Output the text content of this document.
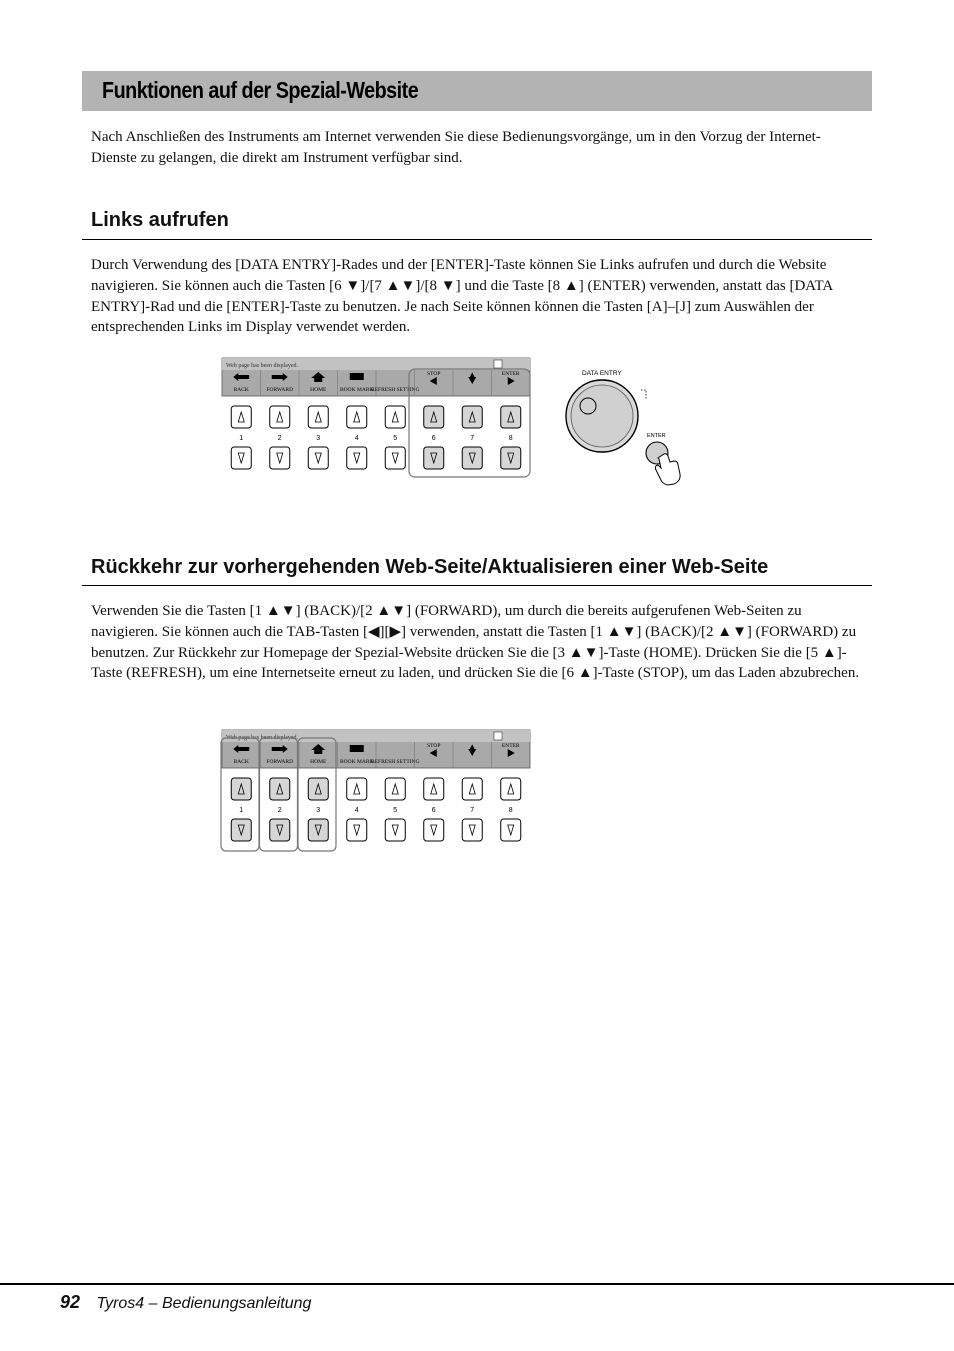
Funktionen auf der Spezial-Website

Nach Anschließen des Instruments am Internet verwenden Sie diese Bedienungsvorgänge, um in den Vorzug der Internet-Dienste zu gelangen, die direkt am Instrument verfügbar sind.

Links aufrufen

Durch Verwendung des [DATA ENTRY]-Rades und der [ENTER]-Taste können Sie Links aufrufen und durch die Website navigieren. Sie können auch die Tasten [6 ▼]/[7 ▲▼]/[8 ▼] und die Taste [8 ▲] (ENTER) verwenden, anstatt das [DATA ENTRY]-Rad und die [ENTER]-Taste zu benutzen. Je nach Seite können können die Tasten [A]–[J] zum Auswählen der entsprechenden Links im Display verwendet werden.

Web page has been displayed.
BACK	FORWARD	HOME BOOK MARK
REFRESH SETTING
STOP	▲	ENTER
1	2	3	4	5	6	7	8
DATA ENTRY
ENTER
Rückkehr zur vorhergehenden Web-Seite/Aktualisieren einer Web-Seite

Verwenden Sie die Tasten [1 ▲▼] (BACK)/[2 ▲▼] (FORWARD), um durch die bereits aufgerufenen Web-Seiten zu navigieren. Sie können auch die TAB-Tasten [◀][▶] verwenden, anstatt die Tasten [1 ▲▼] (BACK)/[2 ▲▼] (FORWARD) zu benutzen. Zur Rückkehr zur Homepage der Spezial-Website drücken Sie die [3 ▲▼]-Taste (HOME). Drücken Sie die [5 ▲]-Taste (REFRESH), um eine Internetseite erneut zu laden, und drücken Sie die [6 ▲]-Taste (STOP), um das Laden abzubrechen.

Web page has been displayed.
BACK	FORWARD	HOME BOOK MARK
REFRESH SETTING
STOP	▲	ENTER
1	2	3	4	5	6	7	8
92 Tyros4 – Bedienungsanleitung
